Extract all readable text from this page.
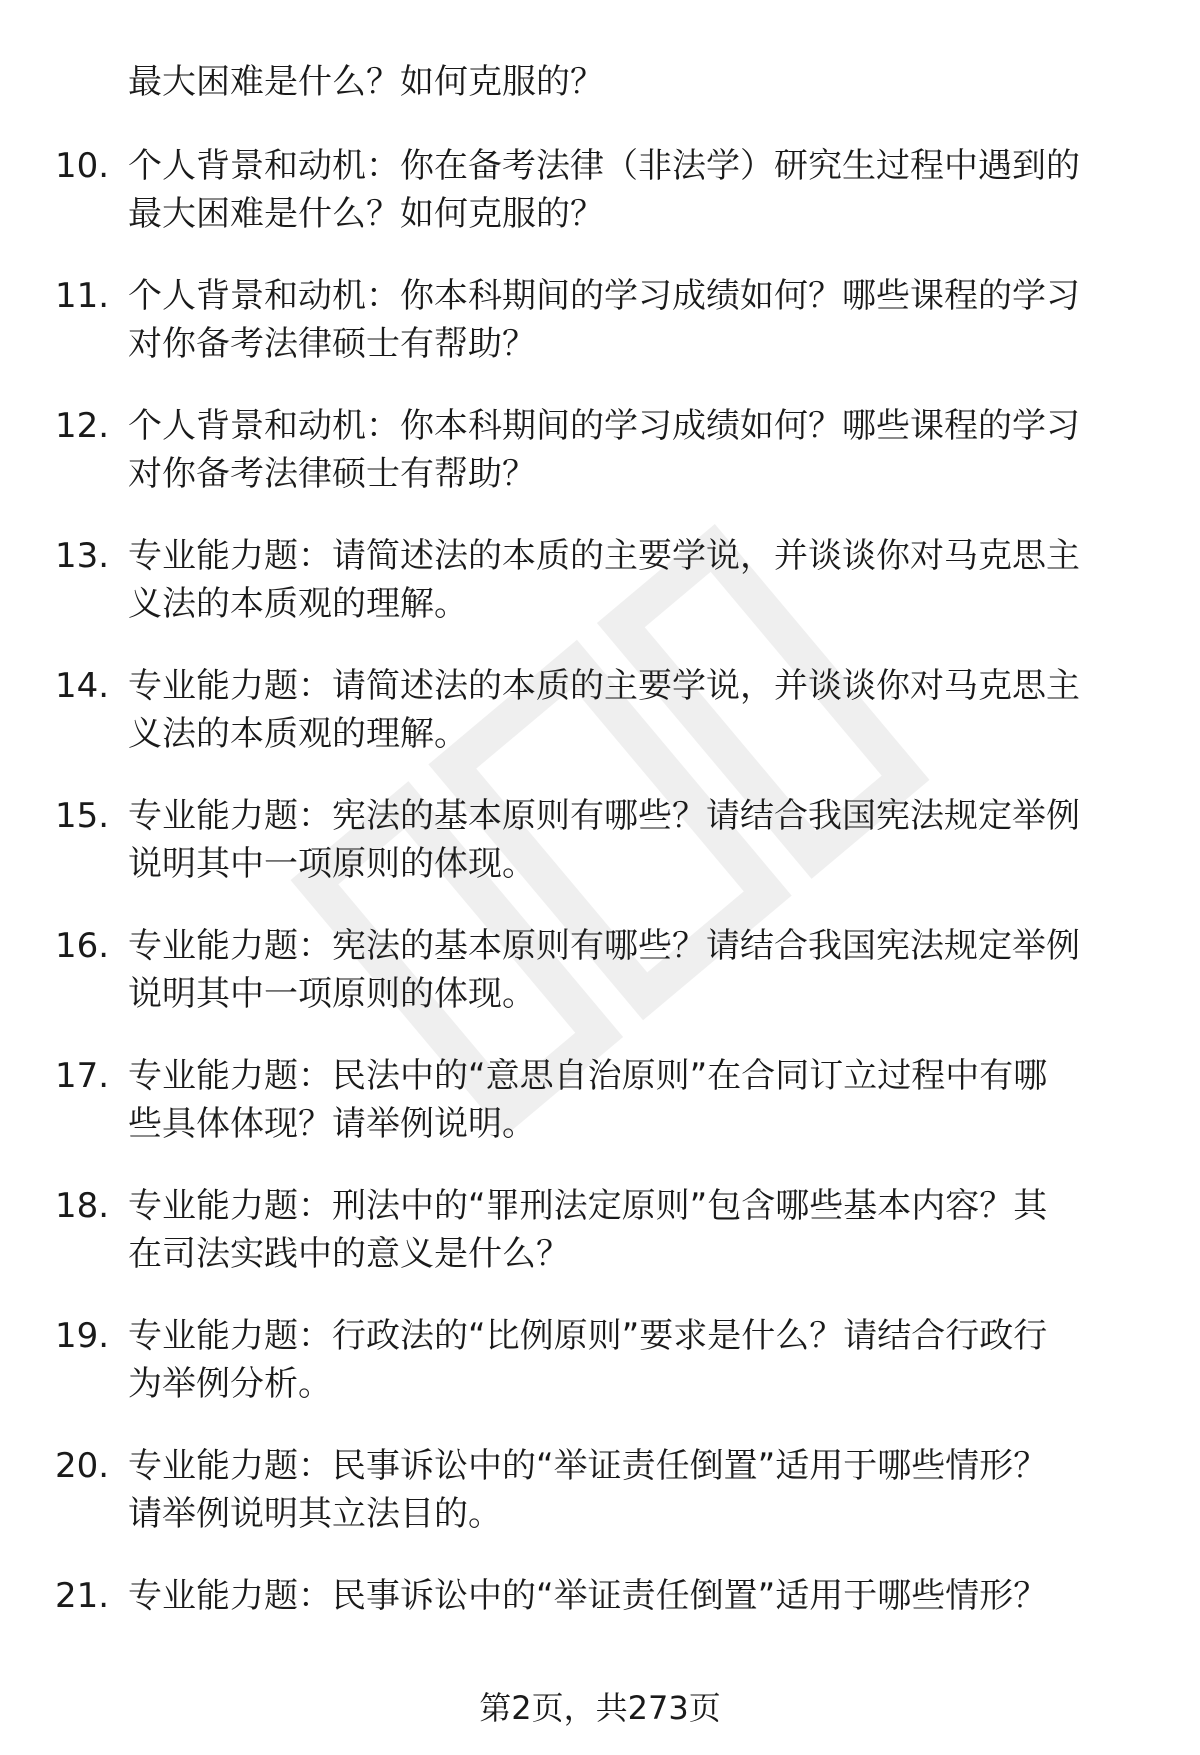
最大困难是什么？如何克服的？
10. 个人背景和动机：你在备考法律（非法学）研究生过程中遇到的
最大困难是什么？如何克服的？
11. 个人背景和动机：你本科期间的学习成绩如何？哪些课程的学习
对你备考法律硕士有帮助？
12. 个人背景和动机：你本科期间的学习成绩如何？哪些课程的学习
对你备考法律硕士有帮助？
13. 专业能力题：请简述法的本质的主要学说，并谈谈你对马克思主
义法的本质观的理解。
14. 专业能力题：请简述法的本质的主要学说，并谈谈你对马克思主
义法的本质观的理解。
15. 专业能力题：宪法的基本原则有哪些？请结合我国宪法规定举例
说明其中一项原则的体现。
16. 专业能力题：宪法的基本原则有哪些？请结合我国宪法规定举例
说明其中一项原则的体现。
17. 专业能力题：民法中的“意思自治原则”在合同订立过程中有哪
些具体体现？请举例说明。
18. 专业能力题：刑法中的“罪刑法定原则”包含哪些基本内容？其
在司法实践中的意义是什么？
19. 专业能力题：行政法的“比例原则”要求是什么？请结合行政行
为举例分析。
20. 专业能力题：民事诉讼中的“举证责任倒置”适用于哪些情形？
请举例说明其立法目的。
21. 专业能力题：民事诉讼中的“举证责任倒置”适用于哪些情形？
第2页，共273页
